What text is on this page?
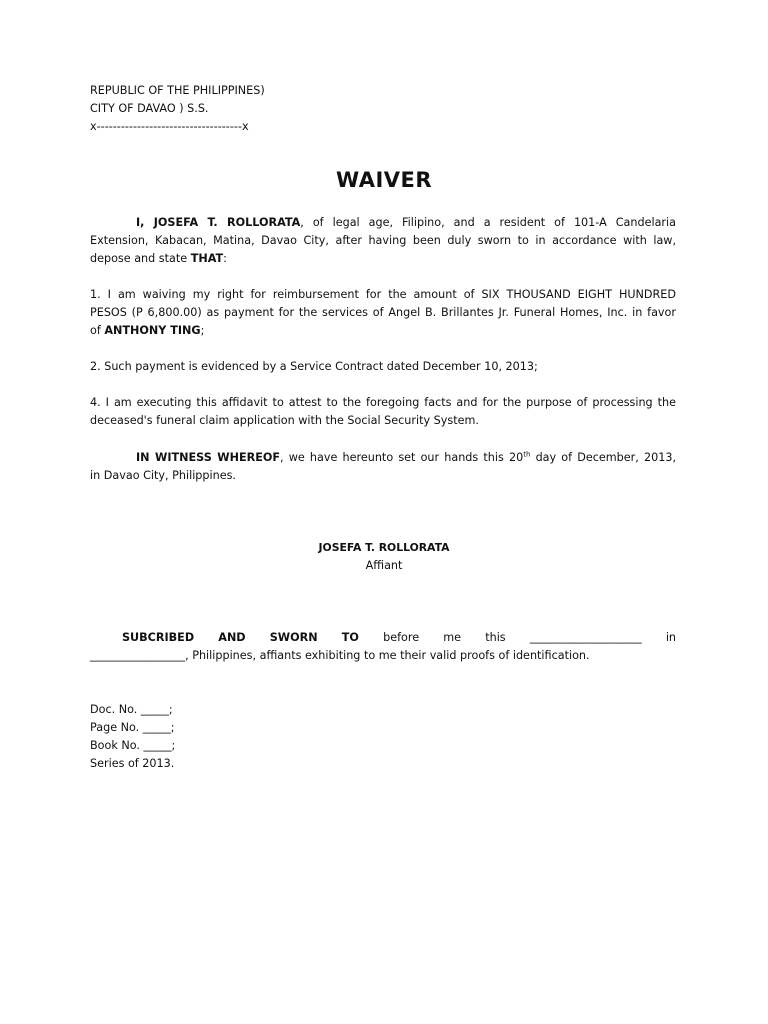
REPUBLIC OF THE PHILIPPINES)
CITY OF DAVAO ) S.S.
x------------------------------------x
WAIVER
I, JOSEFA T. ROLLORATA, of legal age, Filipino, and a resident of 101-A Candelaria
Extension, Kabacan, Matina, Davao City, after having been duly sworn to in accordance with law,
depose and state THAT:
1. I am waiving my right for reimbursement for the amount of SIX THOUSAND EIGHT HUNDRED
PESOS (P 6,800.00) as payment for the services of Angel B. Brillantes Jr. Funeral Homes, Inc. in favor
of ANTHONY TING;
2. Such payment is evidenced by a Service Contract dated December 10, 2013;
4. I am executing this affidavit to attest to the foregoing facts and for the purpose of processing the
deceased's funeral claim application with the Social Security System.
IN WITNESS WHEREOF, we have hereunto set our hands this 20th day of December, 2013,
in Davao City, Philippines.
JOSEFA T. ROLLORATA
Affiant
SUBCRIBED AND SWORN TO before me this ____________________ in
_________________, Philippines, affiants exhibiting to me their valid proofs of identification.
Doc. No. _____;
Page No. _____;
Book No. _____;
Series of 2013.
